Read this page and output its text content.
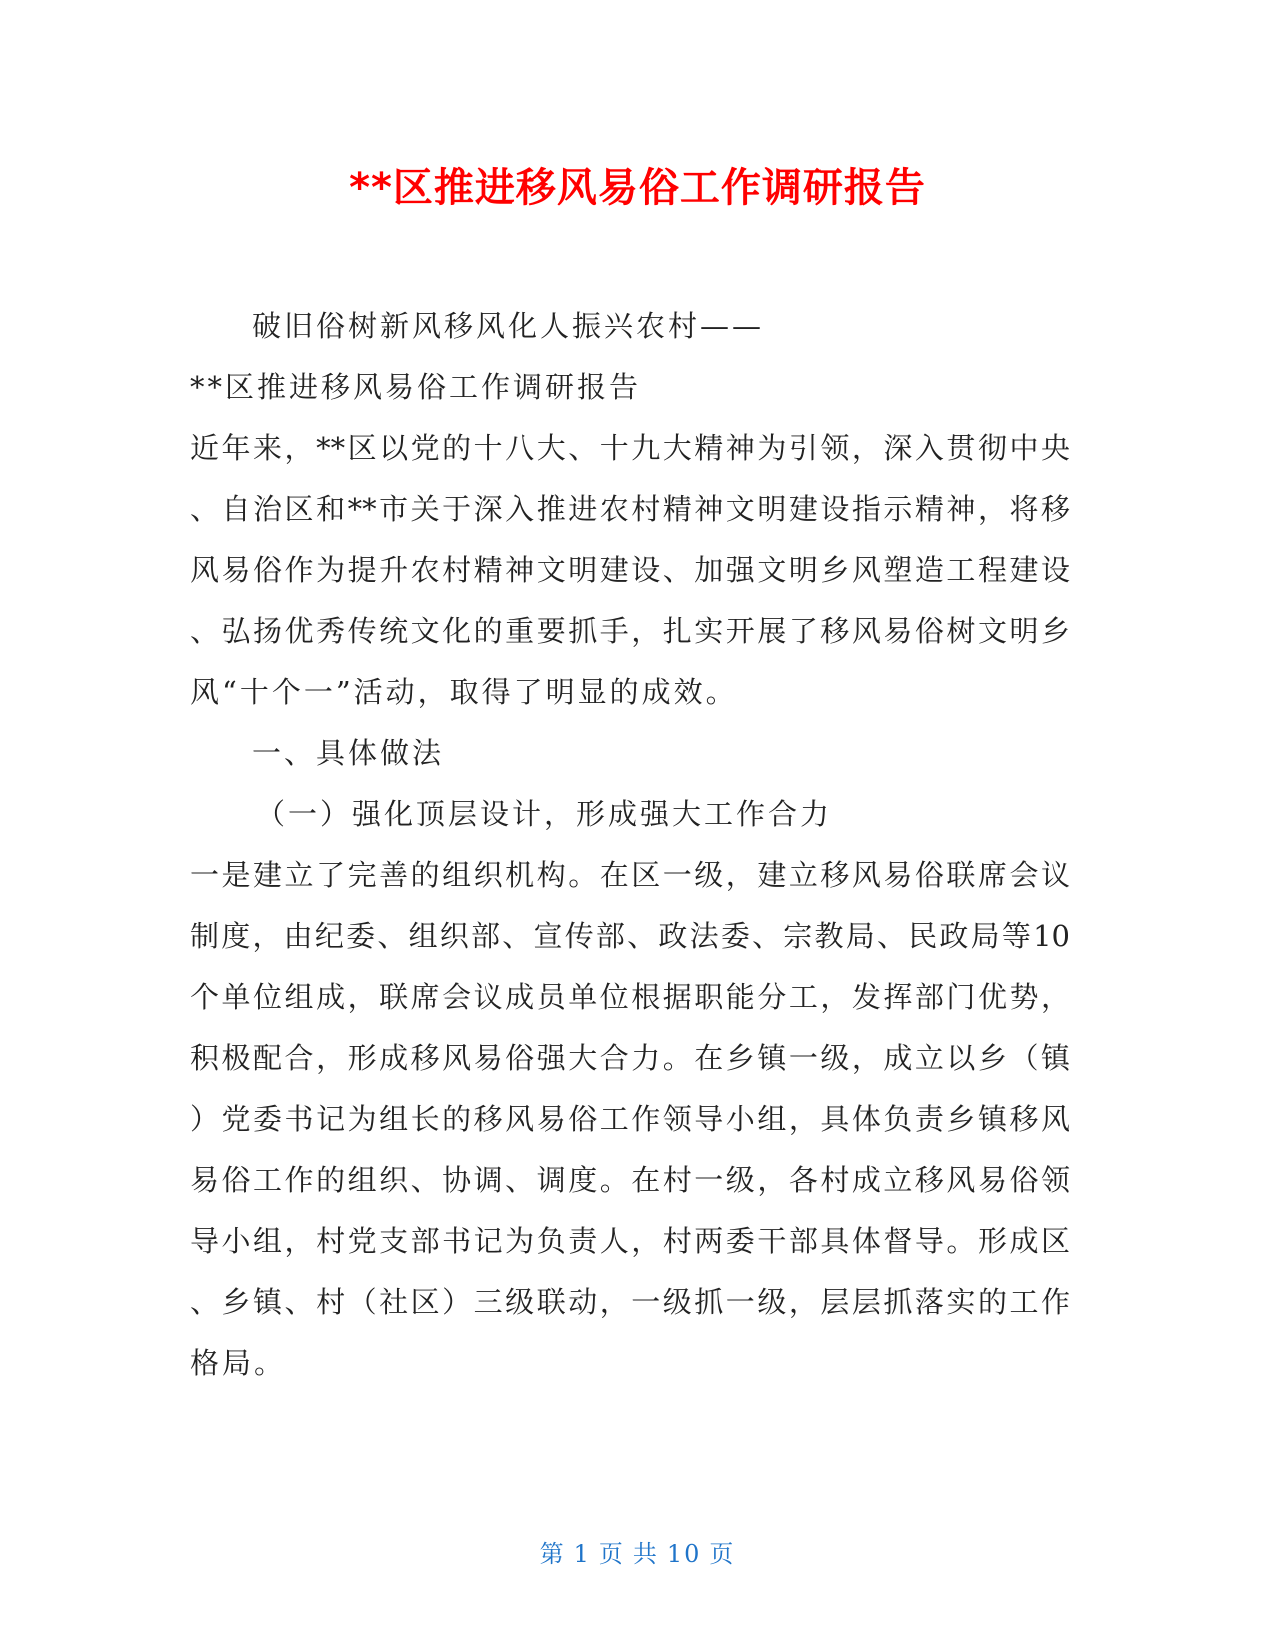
**区推进移风易俗工作调研报告
破旧俗树新风移风化人振兴农村——
**区推进移风易俗工作调研报告
近年来，**区以党的十八大、十九大精神为引领，深入贯彻中央
、自治区和**市关于深入推进农村精神文明建设指示精神，将移
风易俗作为提升农村精神文明建设、加强文明乡风塑造工程建设
、弘扬优秀传统文化的重要抓手，扎实开展了移风易俗树文明乡
风“十个一”活动，取得了明显的成效。
一、具体做法
（一）强化顶层设计，形成强大工作合力
一是建立了完善的组织机构。在区一级，建立移风易俗联席会议
制度，由纪委、组织部、宣传部、政法委、宗教局、民政局等10
个单位组成，联席会议成员单位根据职能分工，发挥部门优势，
积极配合，形成移风易俗强大合力。在乡镇一级，成立以乡（镇
）党委书记为组长的移风易俗工作领导小组，具体负责乡镇移风
易俗工作的组织、协调、调度。在村一级，各村成立移风易俗领
导小组，村党支部书记为负责人，村两委干部具体督导。形成区
、乡镇、村（社区）三级联动，一级抓一级，层层抓落实的工作
格局。
第 1 页 共 10 页
